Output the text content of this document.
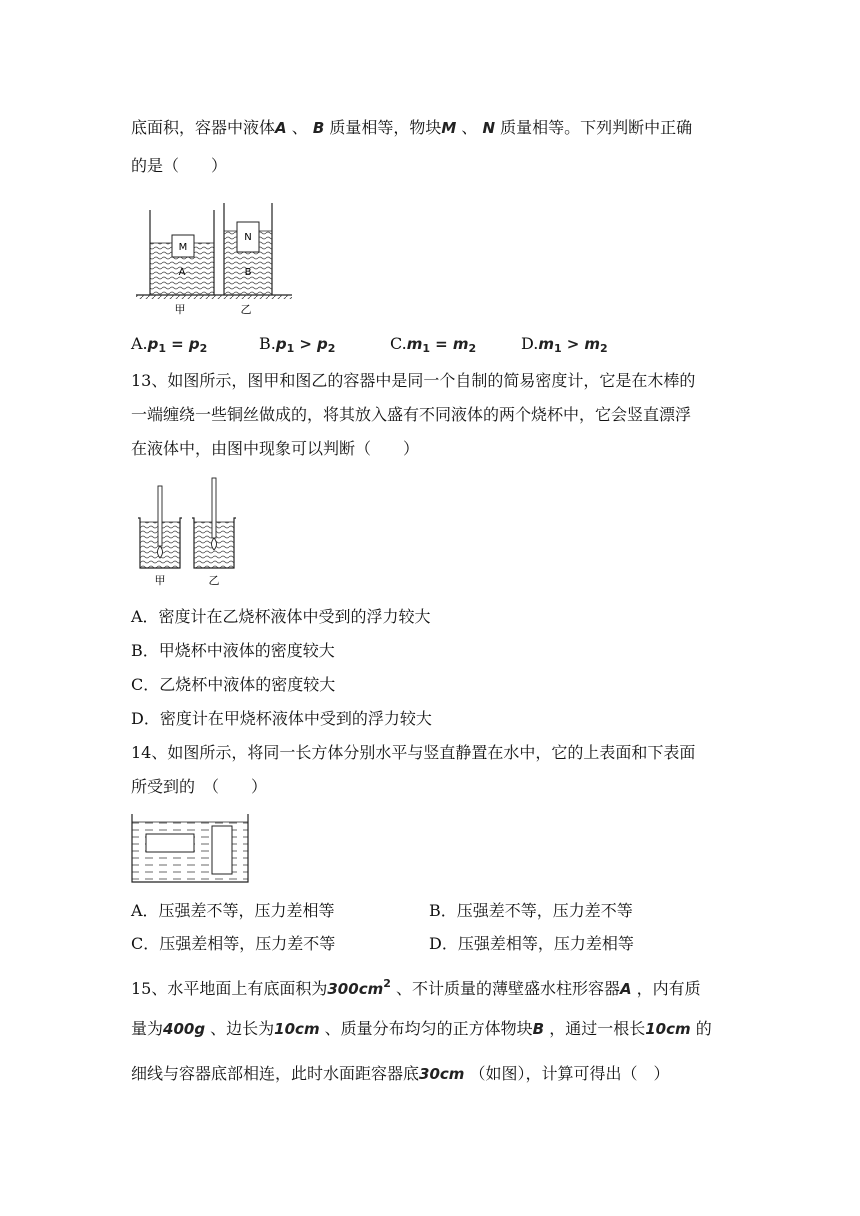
底面积，容器中液体A 、 B 质量相等，物块M 、 N 质量相等。下列判断中正确
的是（　　）
M
A
N
B
甲	乙
$A.p_1 = p_2$	$B.p_1 > p_2$	$C.m_1 = m_2$	$D.m_1 > m_2$
13、如图所示，图甲和图乙的容器中是同一个自制的简易密度计，它是在木棒的
一端缠绕一些铜丝做成的，将其放入盛有不同液体的两个烧杯中，它会竖直漂浮
在液体中，由图中现象可以判断（　　）
甲	乙
A．密度计在乙烧杯液体中受到的浮力较大
B．甲烧杯中液体的密度较大
C．乙烧杯中液体的密度较大
D．密度计在甲烧杯液体中受到的浮力较大
14、如图所示，将同一长方体分别水平与竖直静置在水中，它的上表面和下表面
所受到的　（　　）
A．压强差不等，压力差相等	B．压强差不等，压力差不等
C．压强差相等，压力差不等	D．压强差相等，压力差相等
15、水平地面上有底面积为$300cm^2$ 、不计质量的薄壁盛水柱形容器A ，内有质
量为400g 、边长为10cm 、质量分布均匀的正方体物块B ，通过一根长10cm 的
细线与容器底部相连，此时水面距容器底30cm （如图），计算可得出（　）
